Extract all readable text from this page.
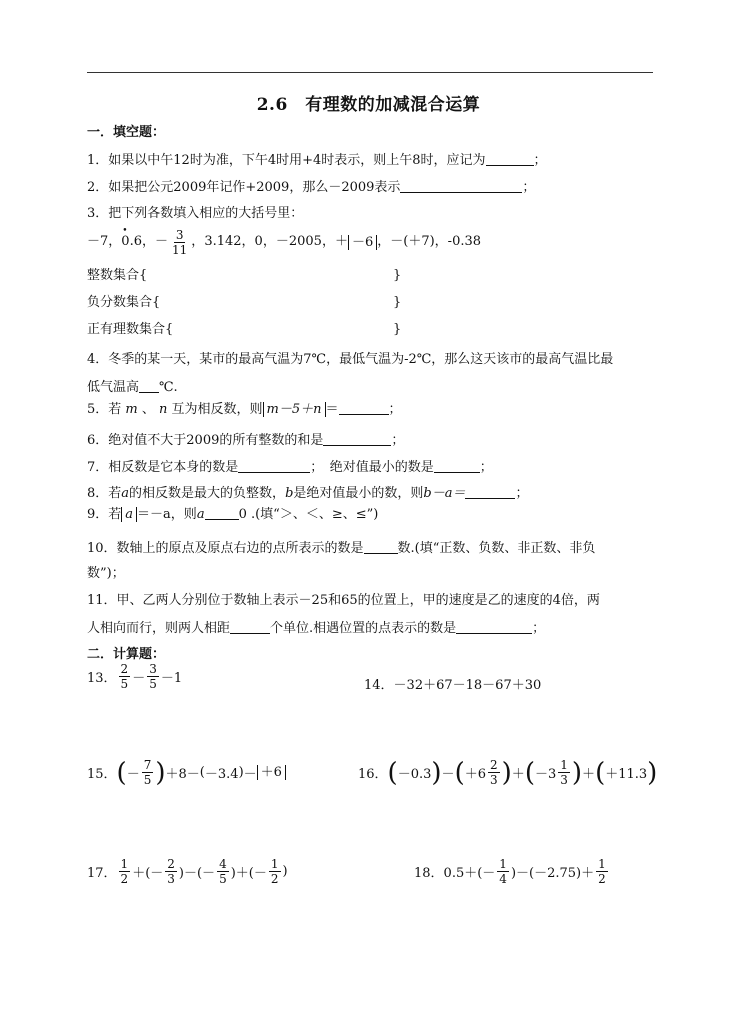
2.6　有理数的加减混合运算
一．填空题：
1．如果以中午12时为准，下午4时用+4时表示，则上午8时，应记为	；
2．如果把公元2009年记作+2009，那么－2009表示	；
3．把下列各数填入相应的大括号里：
－7 ， 0.6 • ， － $\frac{3}{11}$ ， 3.142 ， 0 ， －2005 ，＋ －6 ，－(＋7)， -0.38
整数集合{	}
负分数集合{	}
正有理数集合{	}
4．冬季的某一天，某市的最高气温为7℃，最低气温为-2℃，那么这天该市的最高气温比最
低气温高 ℃.
5．若 m 、 n 互为相反数，则 m－5＋n ＝	；
6．绝对值不大于2009的所有整数的和是	；
7．相反数是它本身的数是	；　绝对值最小的数是	；
8．若a的相反数是最大的负整数，b是绝对值最小的数，则b－a＝	；
9．若 a ＝－a，则a	0 .(填“＞、＜、≥、≤”)
10．数轴上的原点及原点右边的点所表示的数是	数.(填“正数、负数、非正数、非负
数”)；
11．甲、乙两人分别位于数轴上表示－25和65的位置上，甲的速度是乙的速度的4倍，两
人相向而行，则两人相距	个单位.相遇位置的点表示的数是	；
二．计算题：
13． $\frac{2}{5} - \frac{3}{5} -1$	14． －32＋67－18－67＋30
15． ( － $\frac{7}{5}$ ) ＋8－ ( －3.4 ) － ＋6	16． ( －0.3 ) － ( $+6 \frac{2}{3}$ ) ＋ ( $-3 \frac{1}{3}$ ) ＋ ( ＋11.3 )
17． $\frac{1}{2}$ ＋(－ $\frac{2}{3}$ )－(－ $\frac{4}{5}$ )＋(－ $\frac{1}{2}$ )	18． $0.5+(- \frac{1}{4} )-(-2.75)+ \frac{1}{2}$
